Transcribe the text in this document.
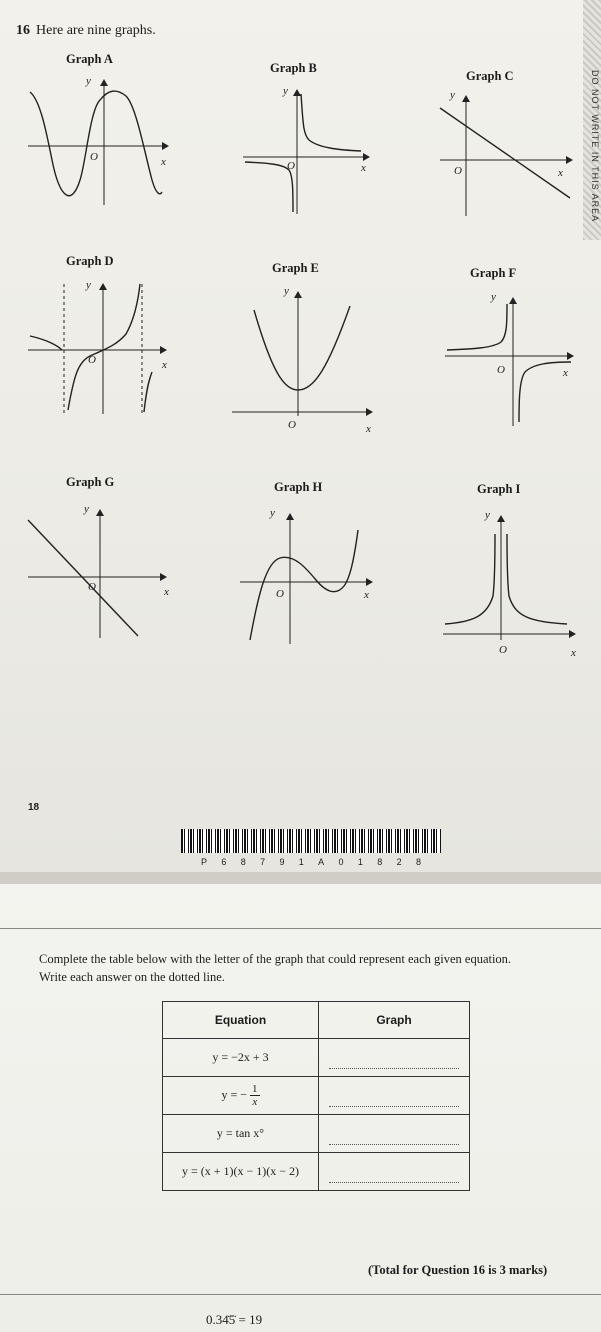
DO NOT WRITE IN THIS AREA
16 Here are nine graphs.
Graph A
Graph B
Graph C
Graph D	Graph E	Graph F
Graph G	Graph H	Graph I
y
O	x
y
O	x
y
O	x
y
O	x
y
O	x
y
O	x
y
O	x
y
O	x
y
O	x
18
P 6 8 7 9 1 A 0 1 8 2 8
Complete the table below with the letter of the graph that could represent each given equation.
Write each answer on the dotted line.
Equation	Graph
y = −2x + 3	
y = − $\frac{1}{x}$

y = tan x°	
y = (x + 1)(x − 1)(x − 2)	
(Total for Question 16 is 3 marks)
0.34̇5̇ = 19
